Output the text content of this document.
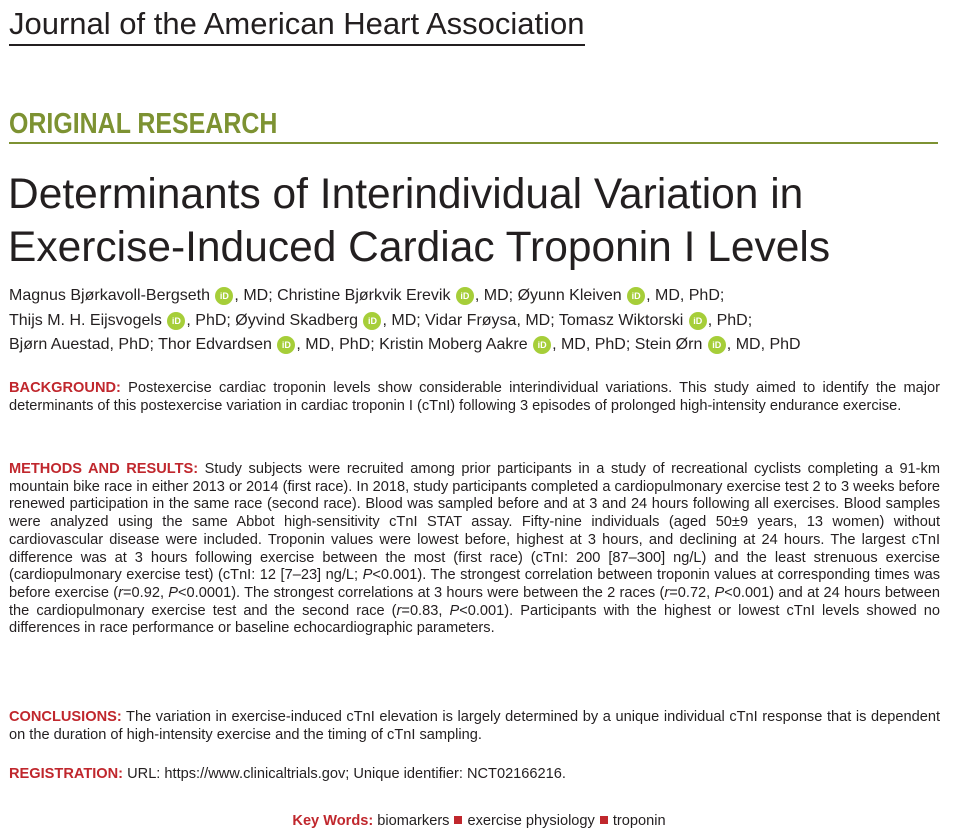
Journal of the American Heart Association
ORIGINAL RESEARCH
Determinants of Interindividual Variation in
Exercise-Induced Cardiac Troponin I Levels
Magnus Bjørkavoll-Bergseth iD , MD; Christine Bjørkvik Erevik iD , MD; Øyunn Kleiven iD , MD, PhD;
Thijs M. H. Eijsvogels iD , PhD; Øyvind Skadberg iD , MD; Vidar Frøysa, MD; Tomasz Wiktorski iD , PhD;
Bjørn Auestad, PhD; Thor Edvardsen iD , MD, PhD; Kristin Moberg Aakre iD , MD, PhD; Stein Ørn iD , MD, PhD

BACKGROUND: Postexercise cardiac troponin levels show considerable interindividual variations. This study aimed to identify the major determinants of this postexercise variation in cardiac troponin I (cTnI) following 3 episodes of prolonged high-intensity endurance exercise.

METHODS AND RESULTS: Study subjects were recruited among prior participants in a study of recreational cyclists completing a 91-km mountain bike race in either 2013 or 2014 (first race). In 2018, study participants completed a cardiopulmonary exercise test 2 to 3 weeks before renewed participation in the same race (second race). Blood was sampled before and at 3 and 24 hours following all exercises. Blood samples were analyzed using the same Abbot high-sensitivity cTnI STAT assay. Fifty-nine individuals (aged 50±9 years, 13 women) without cardiovascular disease were included. Troponin values were lowest before, highest at 3 hours, and declining at 24 hours. The largest cTnI difference was at 3 hours following exercise between the most (first race) (cTnI: 200 [87–300] ng/L) and the least strenuous exercise (cardiopulmonary exercise test) (cTnI: 12 [7–23] ng/L; P<0.001). The strongest correlation between troponin values at corresponding times was before exercise (r=0.92, P<0.0001). The strongest correlations at 3 hours were between the 2 races (r=0.72, P<0.001) and at 24 hours between the cardiopulmonary exercise test and the second race (r=0.83, P<0.001). Participants with the highest or lowest cTnI levels showed no differences in race performance or baseline echocardiographic parameters.

CONCLUSIONS: The variation in exercise-induced cTnI elevation is largely determined by a unique individual cTnI response that is dependent on the duration of high-intensity exercise and the timing of cTnI sampling.

REGISTRATION: URL: https://www.clinicaltrials.gov; Unique identifier: NCT02166216.

Key Words: biomarkers exercise physiology troponin
